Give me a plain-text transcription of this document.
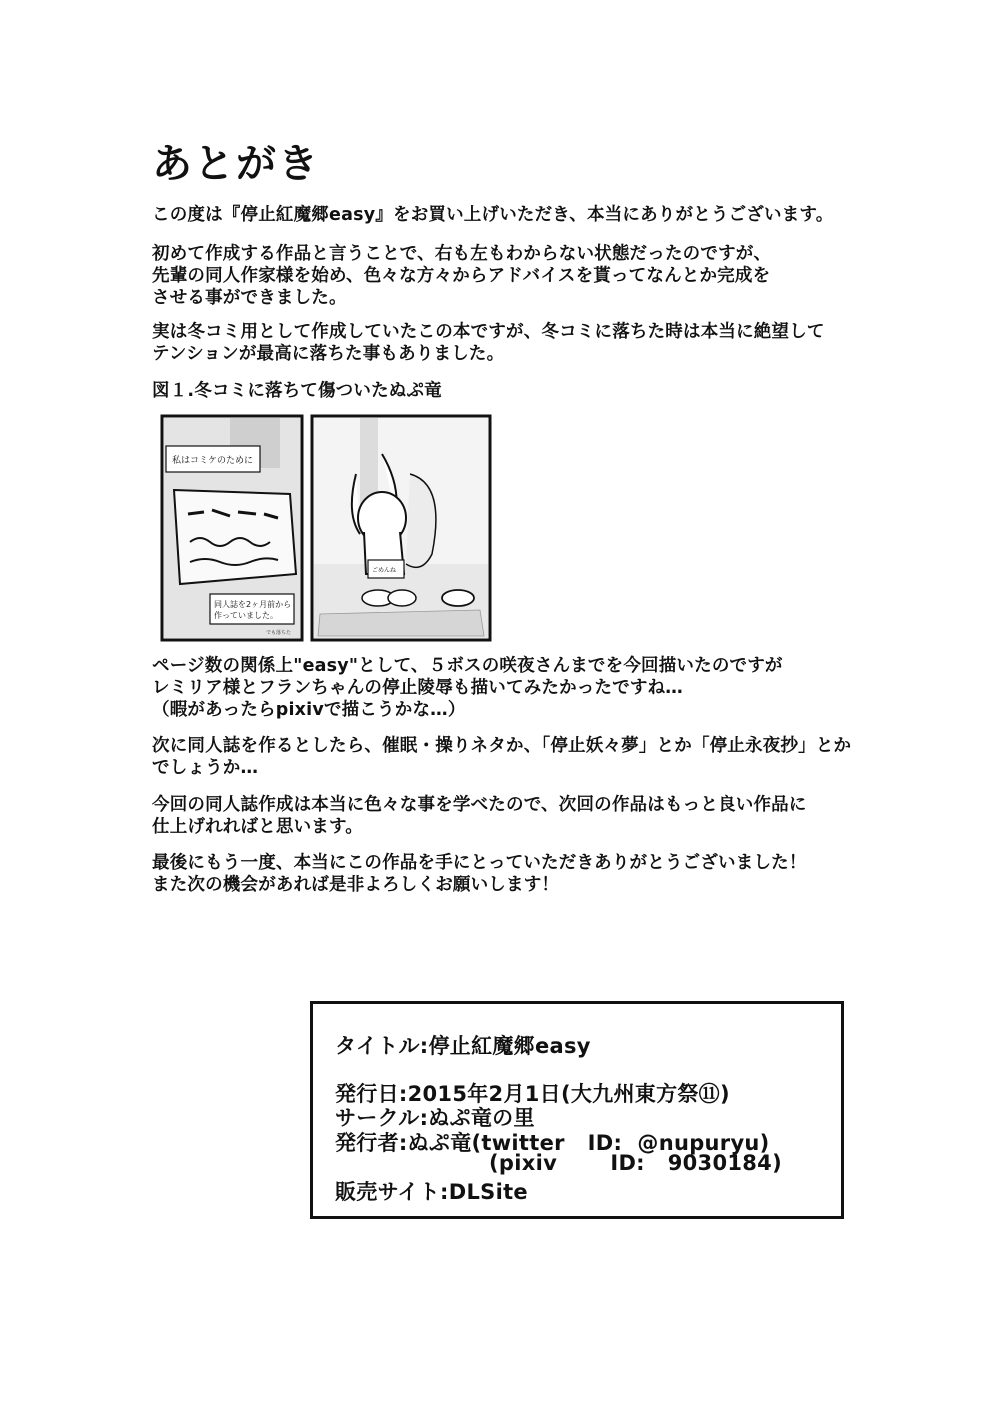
あとがき
この度は『停止紅魔郷easy』をお買い上げいただき、本当にありがとうございます。
初めて作成する作品と言うことで、右も左もわからない状態だったのですが、
先輩の同人作家様を始め、色々な方々からアドバイスを貰ってなんとか完成を
させる事ができました。
実は冬コミ用として作成していたこの本ですが、冬コミに落ちた時は本当に絶望して
テンションが最高に落ちた事もありました。
図１.冬コミに落ちて傷ついたぬぷ竜
私はコミケのために
同人誌を2ヶ月前から
作っていました。
でも落ちた
ごめんね
ページ数の関係上"easy"として、５ボスの咲夜さんまでを今回描いたのですが
レミリア様とフランちゃんの停止陵辱も描いてみたかったですね…
（暇があったらpixivで描こうかな…）
次に同人誌を作るとしたら、催眠・操りネタか、「停止妖々夢」とか「停止永夜抄」とか
でしょうか…
今回の同人誌作成は本当に色々な事を学べたので、次回の作品はもっと良い作品に
仕上げれればと思います。
最後にもう一度、本当にこの作品を手にとっていただきありがとうございました！
また次の機会があれば是非よろしくお願いします！
タイトル:停止紅魔郷easy
発行日:2015年2月1日(大九州東方祭⑪)
サークル:ぬぷ竜の里
発行者:ぬぷ竜(twitter   ID:  @nupuryu)
(pixiv       ID:   9030184)
販売サイト:DLSite
